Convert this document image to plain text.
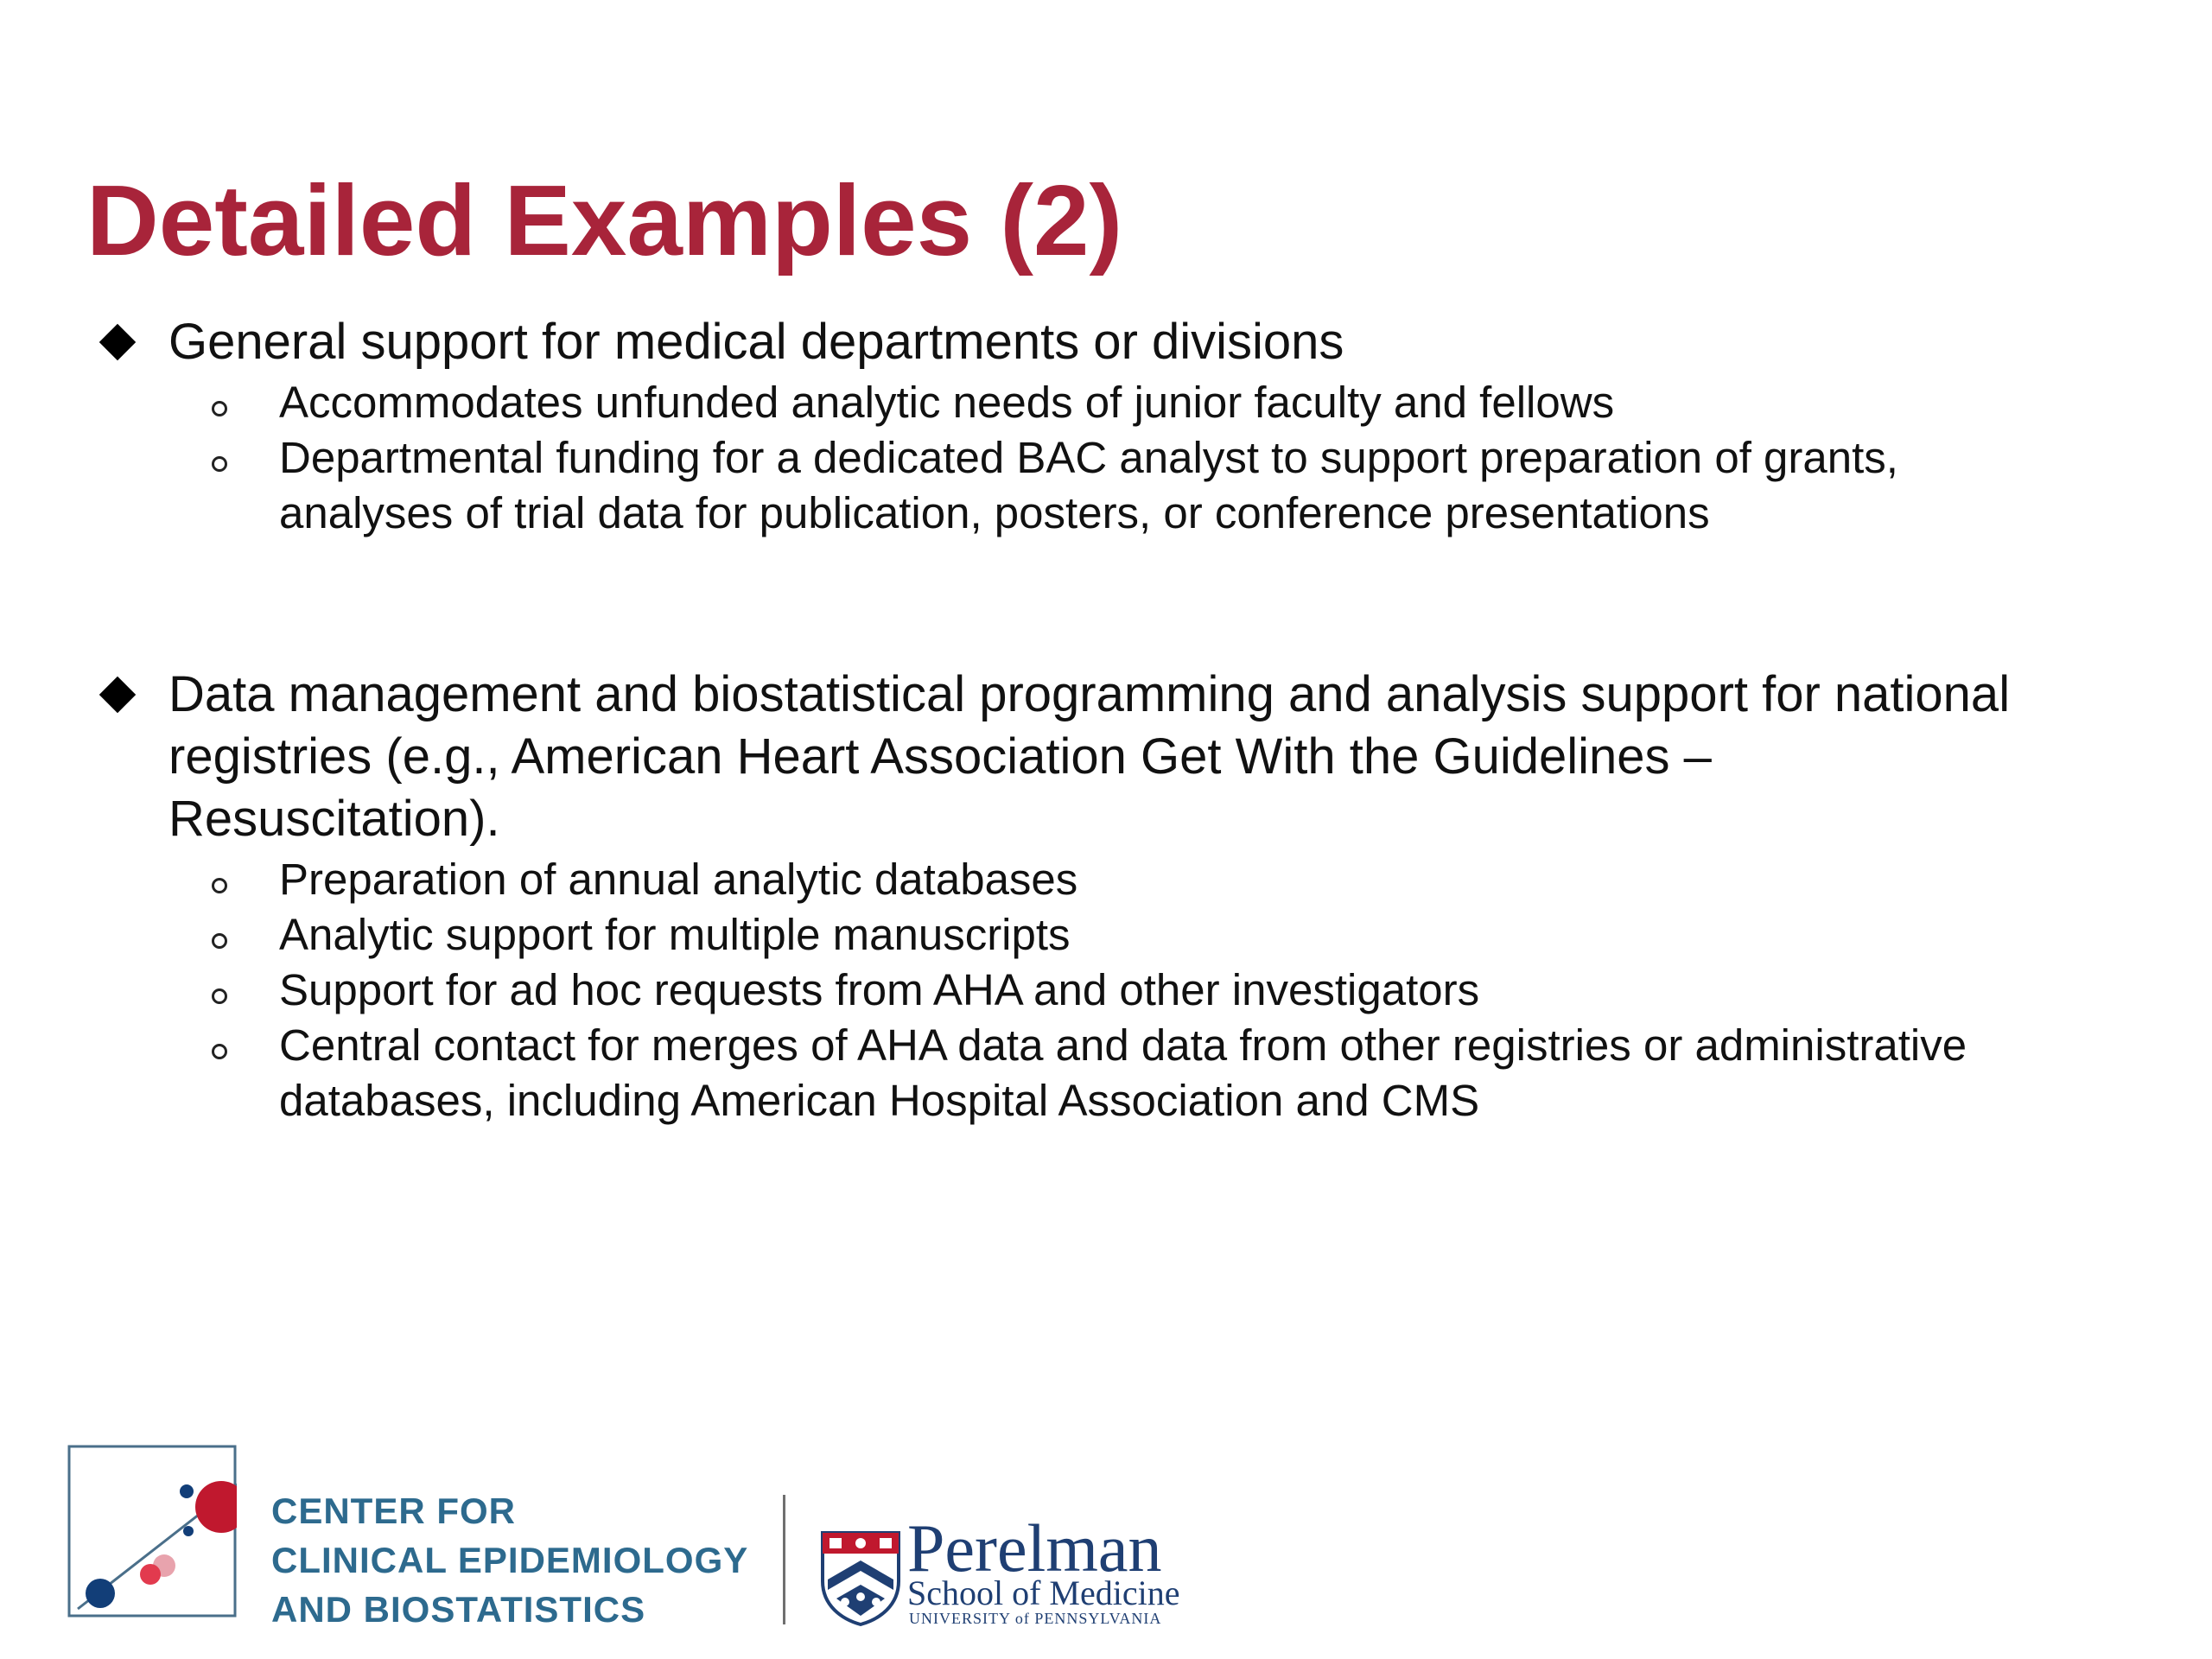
Detailed Examples (2)
General support for medical departments or divisions
Accommodates unfunded analytic needs of junior faculty and fellows
Departmental funding for a dedicated BAC analyst to support preparation of grants, analyses of trial data for publication, posters, or conference presentations
Data management and biostatistical programming and analysis support for national registries (e.g., American Heart Association Get With the Guidelines – Resuscitation).
Preparation of annual analytic databases
Analytic support for multiple manuscripts
Support for ad hoc requests from AHA and other investigators
Central contact for merges of AHA data and data from other registries or administrative databases, including American Hospital Association and CMS
CENTER FOR
CLINICAL EPIDEMIOLOGY
AND BIOSTATISTICS
Perelman
School of Medicine
UNIVERSITY of PENNSYLVANIA
